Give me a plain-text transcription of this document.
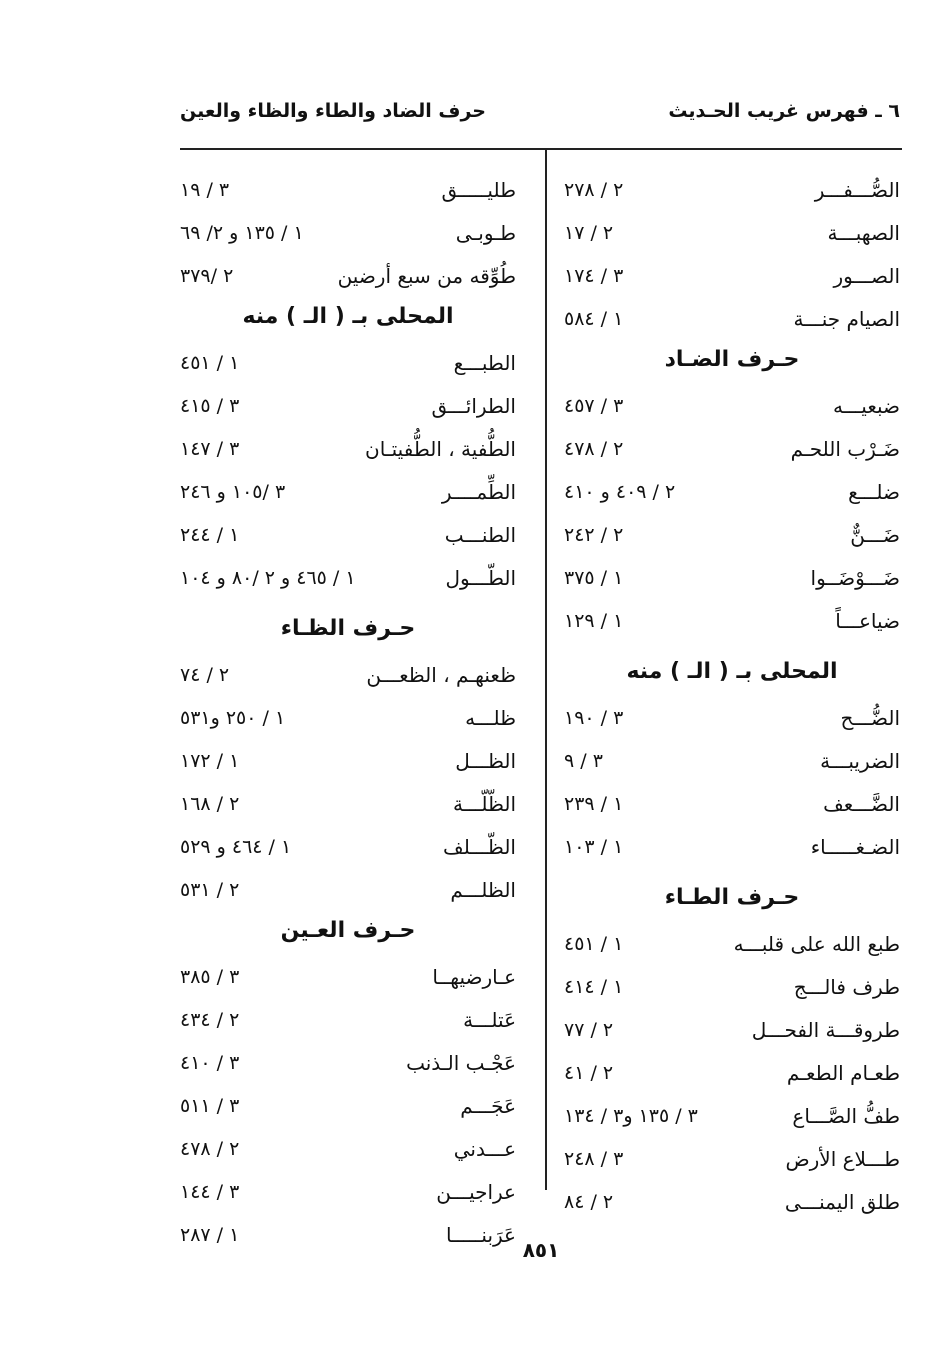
٦ ـ فهرس غريب الحـديث
حرف الضاد والطاء والظاء والعين
الصُّـــفـــر
٢ / ٢٧٨
الصهبـــة
٢ / ١٧
الصـــور
٣ / ١٧٤
الصيام جنـــة
١ / ٥٨٤
حـرف الضـاد
ضبعيـــه
٣ / ٤٥٧
ضَـرْب اللحـم
٢ / ٤٧٨
ضلـــع
٢ / ٤٠٩ و ٤١٠
ضَـــنٌّ
٢ / ٢٤٢
ضَـــوْضَــوا
١ / ٣٧٥
ضياعـــاً
١ / ١٢٩
المحلى بـ ( الـ ) منه
الضُّـــح
٣ / ١٩٠
الضريبـــة
٣ / ٩
الضَّـــعف
١ / ٢٣٩
الضـغـــــاء
١ / ١٠٣
حـرف الطـاء
طبع الله على قلبـــه
١ / ٤٥١
طرف فالـــج
١ / ٤١٤
طروقـــة الفحـــل
٢ / ٧٧
طعـام الطعـم
٢ / ٤١
طفُّ الصَّـــاع
٣ / ١٣٥ و٣ / ١٣٤
طـــلاع الأرض
٣ / ٢٤٨
طلق اليمنـــى
٢ / ٨٤
طليـــــق
٣ / ١٩
طـوبـى
١ / ١٣٥ و ٢/ ٦٩
طُوِّقه من سبع أرضين
٢ /٣٧٩
المحلى بـ ( الـ ) منه
الطبـــع
١ / ٤٥١
الطرائـــق
٣ / ٤١٥
الطُّفية ، الطُّفيتـان
٣ / ١٤٧
الطِّمــــر
٣ /١٠٥ و ٢٤٦
الطنـــب
١ / ٢٤٤
الطّـــول
١ / ٤٦٥ و ٢ /٨٠ و ١٠٤
حـرف الظـاء
ظعنهـم ، الظعـــن
٢ / ٧٤
ظلـــه
١ / ٢٥٠ و٥٣١
الظـــل
١ / ١٧٢
الظّلّـــة
٢ / ١٦٨
الظّـــلف
١ / ٤٦٤ و ٥٢٩
الظلـــم
٢ / ٥٣١
حـرف العـين
عـارضيهــا
٣ / ٣٨٥
عَتلـــة
٢ / ٤٣٤
عَجْـب الـذنب
٣ / ٤١٠
عَجَـــم
٣ / ٥١١
عـــدني
٢ / ٤٧٨
عراجيـــن
٣ / ١٤٤
عَرَبنـــــا
١ / ٢٨٧
٨٥١
